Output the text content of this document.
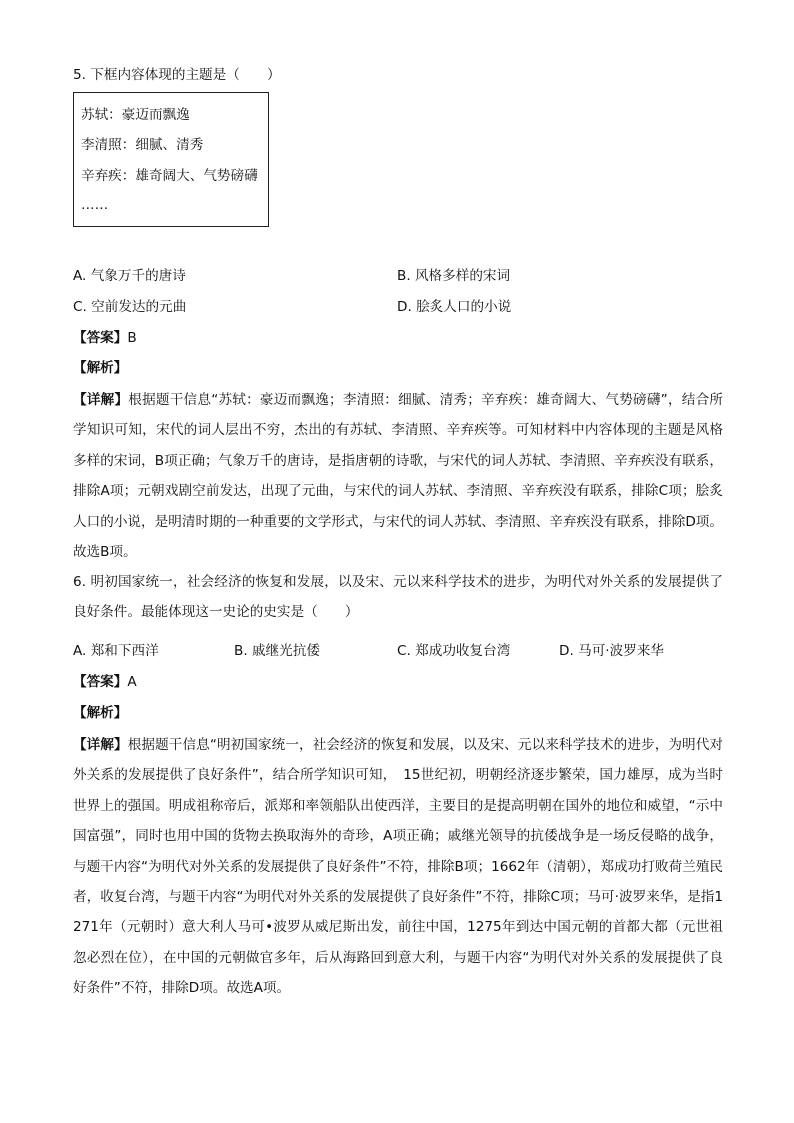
5. 下框内容体现的主题是（　　）
苏轼：豪迈而飘逸
李清照：细腻、清秀
辛弃疾：雄奇阔大、气势磅礴
……
A. 气象万千的唐诗	B. 风格多样的宋词
C. 空前发达的元曲	D. 脍炙人口的小说
【答案】B
【解析】
【详解】根据题干信息“苏轼：豪迈而飘逸；李清照：细腻、清秀；辛弃疾：雄奇阔大、气势磅礴”，结合所学知识可知，宋代的词人层出不穷，杰出的有苏轼、李清照、辛弃疾等。可知材料中内容体现的主题是风格多样的宋词，B项正确；气象万千的唐诗，是指唐朝的诗歌，与宋代的词人苏轼、李清照、辛弃疾没有联系，排除A项；元朝戏剧空前发达，出现了元曲，与宋代的词人苏轼、李清照、辛弃疾没有联系，排除C项；脍炙人口的小说，是明清时期的一种重要的文学形式，与宋代的词人苏轼、李清照、辛弃疾没有联系，排除D项。故选B项。
6. 明初国家统一，社会经济的恢复和发展，以及宋、元以来科学技术的进步，为明代对外关系的发展提供了良好条件。最能体现这一史论的史实是（　　）
A. 郑和下西洋	B. 戚继光抗倭	C. 郑成功收复台湾	D. 马可·波罗来华
【答案】A
【解析】
【详解】根据题干信息“明初国家统一，社会经济的恢复和发展，以及宋、元以来科学技术的进步，为明代对外关系的发展提供了良好条件”，结合所学知识可知，　15世纪初，明朝经济逐步繁荣，国力雄厚，成为当时世界上的强国。明成祖称帝后，派郑和率领船队出使西洋，主要目的是提高明朝在国外的地位和威望，“示中国富强”，同时也用中国的货物去换取海外的奇珍，A项正确；戚继光领导的抗倭战争是一场反侵略的战争，与题干内容“为明代对外关系的发展提供了良好条件”不符，排除B项；1662年（清朝），郑成功打败荷兰殖民者，收复台湾，与题干内容“为明代对外关系的发展提供了良好条件”不符，排除C项；马可·波罗来华，是指1271年（元朝时）意大利人马可•波罗从威尼斯出发，前往中国，1275年到达中国元朝的首都大都（元世祖忽必烈在位），在中国的元朝做官多年，后从海路回到意大利，与题干内容“为明代对外关系的发展提供了良好条件”不符，排除D项。故选A项。
